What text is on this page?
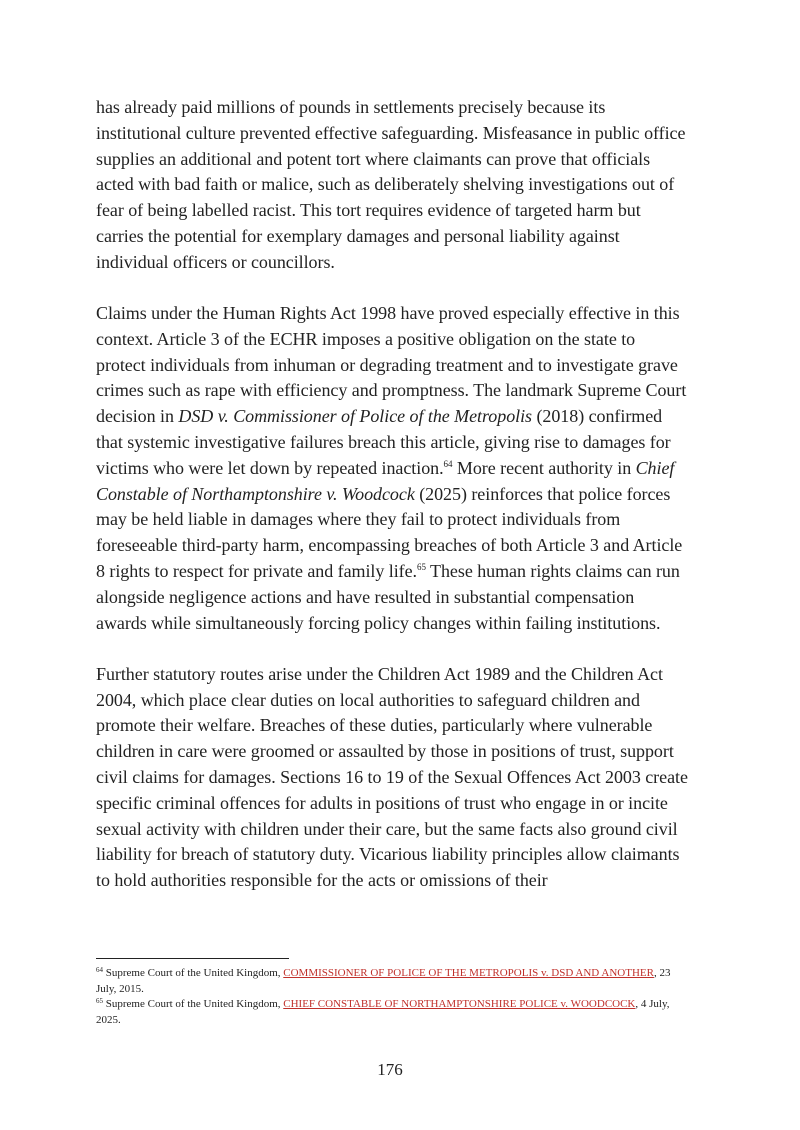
has already paid millions of pounds in settlements precisely because its institutional culture prevented effective safeguarding. Misfeasance in public office supplies an additional and potent tort where claimants can prove that officials acted with bad faith or malice, such as deliberately shelving investigations out of fear of being labelled racist. This tort requires evidence of targeted harm but carries the potential for exemplary damages and personal liability against individual officers or councillors.

Claims under the Human Rights Act 1998 have proved especially effective in this context. Article 3 of the ECHR imposes a positive obligation on the state to protect individuals from inhuman or degrading treatment and to investigate grave crimes such as rape with efficiency and promptness. The landmark Supreme Court decision in DSD v. Commissioner of Police of the Metropolis (2018) confirmed that systemic investigative failures breach this article, giving rise to damages for victims who were let down by repeated inaction.$^{64}$ More recent authority in Chief Constable of Northamptonshire v. Woodcock (2025) reinforces that police forces may be held liable in damages where they fail to protect individuals from foreseeable third-party harm, encompassing breaches of both Article 3 and Article 8 rights to respect for private and family life.$^{65}$ These human rights claims can run alongside negligence actions and have resulted in substantial compensation awards while simultaneously forcing policy changes within failing institutions.

Further statutory routes arise under the Children Act 1989 and the Children Act 2004, which place clear duties on local authorities to safeguard children and promote their welfare. Breaches of these duties, particularly where vulnerable children in care were groomed or assaulted by those in positions of trust, support civil claims for damages. Sections 16 to 19 of the Sexual Offences Act 2003 create specific criminal offences for adults in positions of trust who engage in or incite sexual activity with children under their care, but the same facts also ground civil liability for breach of statutory duty. Vicarious liability principles allow claimants to hold authorities responsible for the acts or omissions of their

$^{64}$ Supreme Court of the United Kingdom, COMMISSIONER OF POLICE OF THE METROPOLIS v. DSD AND ANOTHER, 23 July, 2015.

$^{65}$ Supreme Court of the United Kingdom, CHIEF CONSTABLE OF NORTHAMPTONSHIRE POLICE v. WOODCOCK, 4 July, 2025.

176
